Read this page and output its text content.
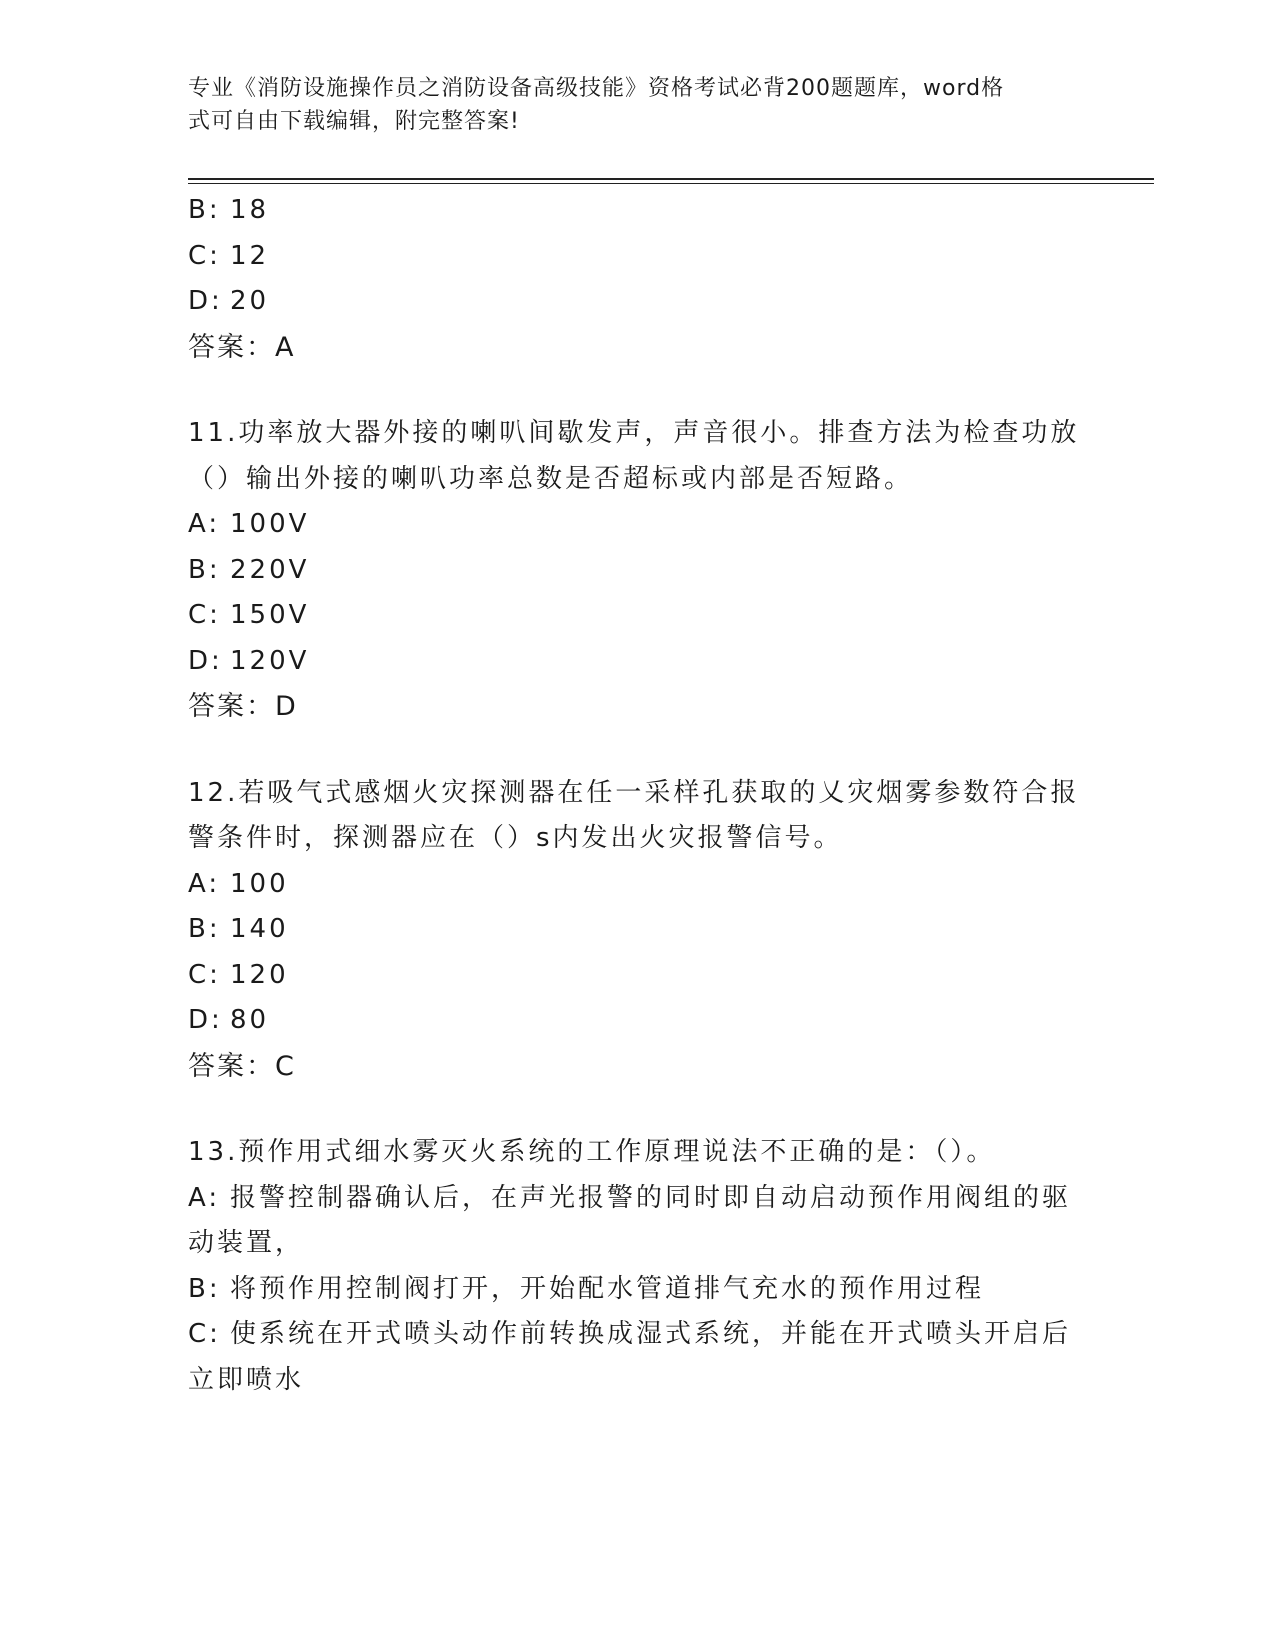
专业《消防设施操作员之消防设备高级技能》资格考试必背200题题库，word格
式可自由下载编辑，附完整答案!
B: 18
C: 12
D: 20
答案：A
11.功率放大器外接的喇叭间歇发声，声音很小。排查方法为检查功放
（）输出外接的喇叭功率总数是否超标或内部是否短路。
A: 100V
B: 220V
C: 150V
D: 120V
答案：D
12.若吸气式感烟火灾探测器在任一采样孔获取的乂灾烟雾参数符合报
警条件时，探测器应在（）s内发出火灾报警信号。
A: 100
B: 140
C: 120
D: 80
答案：C
13.预作用式细水雾灭火系统的工作原理说法不正确的是：（）。
A: 报警控制器确认后，在声光报警的同时即自动启动预作用阀组的驱
动装置，
B: 将预作用控制阀打开，开始配水管道排气充水的预作用过程
C: 使系统在开式喷头动作前转换成湿式系统，并能在开式喷头开启后
立即喷水
